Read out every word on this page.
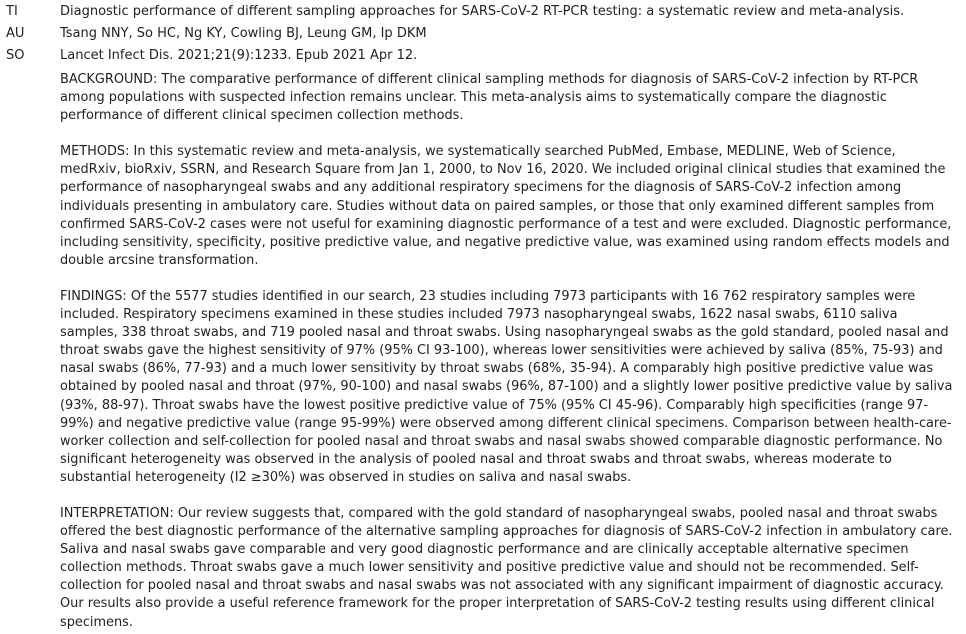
TI	Diagnostic performance of different sampling approaches for SARS-CoV-2 RT-PCR testing: a systematic review and meta-analysis.
AU	Tsang NNY, So HC, Ng KY, Cowling BJ, Leung GM, Ip DKM
SO	Lancet Infect Dis. 2021;21(9):1233. Epub 2021 Apr 12.

BACKGROUND: The comparative performance of different clinical sampling methods for diagnosis of SARS-CoV-2 infection by RT-PCR among populations with suspected infection remains unclear. This meta-analysis aims to systematically compare the diagnostic performance of different clinical specimen collection methods.

METHODS: In this systematic review and meta-analysis, we systematically searched PubMed, Embase, MEDLINE, Web of Science, medRxiv, bioRxiv, SSRN, and Research Square from Jan 1, 2000, to Nov 16, 2020. We included original clinical studies that examined the performance of nasopharyngeal swabs and any additional respiratory specimens for the diagnosis of SARS-CoV-2 infection among individuals presenting in ambulatory care. Studies without data on paired samples, or those that only examined different samples from confirmed SARS-CoV-2 cases were not useful for examining diagnostic performance of a test and were excluded. Diagnostic performance, including sensitivity, specificity, positive predictive value, and negative predictive value, was examined using random effects models and double arcsine transformation.

FINDINGS: Of the 5577 studies identified in our search, 23 studies including 7973 participants with 16 762 respiratory samples were included. Respiratory specimens examined in these studies included 7973 nasopharyngeal swabs, 1622 nasal swabs, 6110 saliva samples, 338 throat swabs, and 719 pooled nasal and throat swabs. Using nasopharyngeal swabs as the gold standard, pooled nasal and throat swabs gave the highest sensitivity of 97% (95% CI 93-100), whereas lower sensitivities were achieved by saliva (85%, 75-93) and nasal swabs (86%, 77-93) and a much lower sensitivity by throat swabs (68%, 35-94). A comparably high positive predictive value was obtained by pooled nasal and throat (97%, 90-100) and nasal swabs (96%, 87-100) and a slightly lower positive predictive value by saliva (93%, 88-97). Throat swabs have the lowest positive predictive value of 75% (95% CI 45-96). Comparably high specificities (range 97-99%) and negative predictive value (range 95-99%) were observed among different clinical specimens. Comparison between health-care-worker collection and self-collection for pooled nasal and throat swabs and nasal swabs showed comparable diagnostic performance. No significant heterogeneity was observed in the analysis of pooled nasal and throat swabs and throat swabs, whereas moderate to substantial heterogeneity (I2 ≥30%) was observed in studies on saliva and nasal swabs.

INTERPRETATION: Our review suggests that, compared with the gold standard of nasopharyngeal swabs, pooled nasal and throat swabs offered the best diagnostic performance of the alternative sampling approaches for diagnosis of SARS-CoV-2 infection in ambulatory care. Saliva and nasal swabs gave comparable and very good diagnostic performance and are clinically acceptable alternative specimen collection methods. Throat swabs gave a much lower sensitivity and positive predictive value and should not be recommended. Self-collection for pooled nasal and throat swabs and nasal swabs was not associated with any significant impairment of diagnostic accuracy. Our results also provide a useful reference framework for the proper interpretation of SARS-CoV-2 testing results using different clinical specimens.
